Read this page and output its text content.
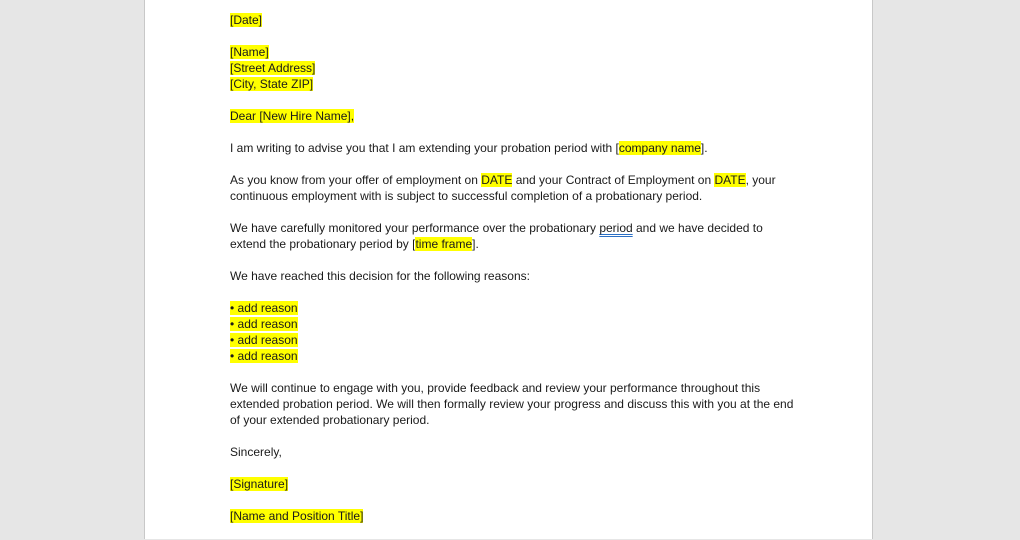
[Date]

[Name]
[Street Address]
[City, State ZIP]

Dear [New Hire Name],

I am writing to advise you that I am extending your probation period with [company name].

As you know from your offer of employment on DATE and your Contract of Employment on DATE, your continuous employment with is subject to successful completion of a probationary period.

We have carefully monitored your performance over the probationary period and we have decided to extend the probationary period by [time frame].

We have reached this decision for the following reasons:

• add reason
• add reason
• add reason
• add reason

We will continue to engage with you, provide feedback and review your performance throughout this extended probation period. We will then formally review your progress and discuss this with you at the end of your extended probationary period.

Sincerely,

[Signature]

[Name and Position Title]
